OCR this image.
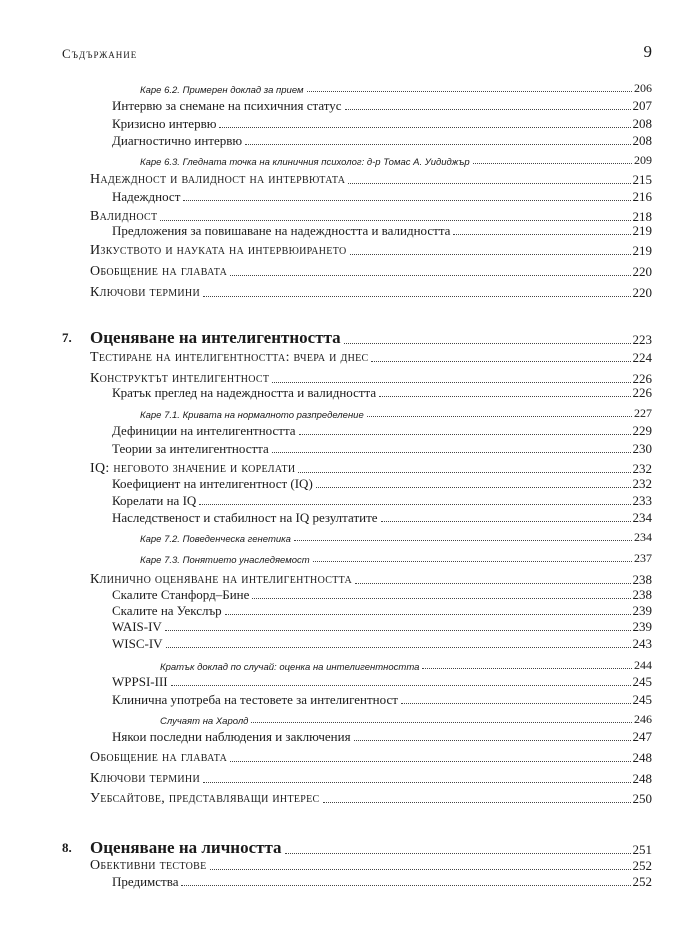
Съдържание	9
Каре 6.2. Примерен доклад за прием	206
Интервю за снемане на психичния статус	207
Кризисно интервю	208
Диагностично интервю	208
Каре 6.3. Гледната точка на клиничния психолог: д-р Томас А. Уидиджър	209
Надеждност и валидност на интервютата	215
Надеждност	216
Валидност	218
Предложения за повишаване на надеждността и валидността	219
Изкуството и науката на интервюирането	219
Обобщение на главата	220
Ключови термини	220
7. Оценяване на интелигентността	223
Тестиране на интелигентността: вчера и днес	224
Конструктът интелигентност	226
Кратък преглед на надеждността и валидността	226
Каре 7.1. Кривата на нормалното разпределение	227
Дефиниции на интелигентността	229
Теории за интелигентността	230
IQ: неговото значение и корелати	232
Коефициент на интелигентност (IQ)	232
Корелати на IQ	233
Наследственост и стабилност на IQ резултатите	234
Каре 7.2. Поведенческа генетика	234
Каре 7.3. Понятието унаследяемост	237
Клинично оценяване на интелигентността	238
Скалите Станфорд–Бине	238
Скалите на Уекслър	239
WAIS-IV	239
WISC-IV	243
Кратък доклад по случай: оценка на интелигентността	244
WPPSI-III	245
Клинична употреба на тестовете за интелигентност	245
Случаят на Харолд	246
Някои последни наблюдения и заключения	247
Обобщение на главата	248
Ключови термини	248
Уебсайтове, представляващи интерес	250
8. Оценяване на личността	251
Обективни тестове	252
Предимства	252
